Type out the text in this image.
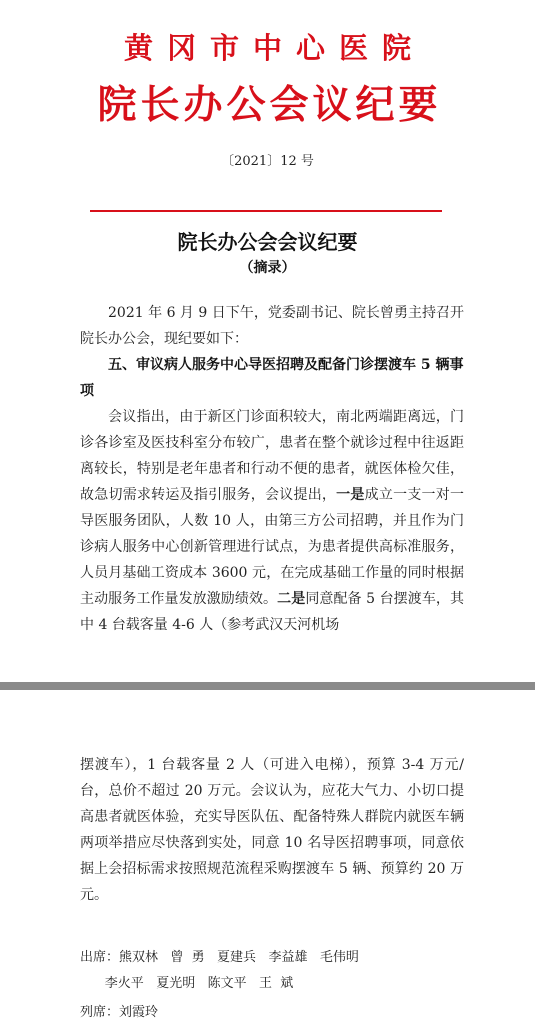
黄冈市中心医院
院长办公会议纪要
〔2021〕12 号
院长办公会会议纪要
（摘录）

2021 年 6 月 9 日下午，党委副书记、院长曾勇主持召开院长办公会，现纪要如下：

五、审议病人服务中心导医招聘及配备门诊摆渡车 5 辆事项

会议指出，由于新区门诊面积较大，南北两端距离远，门诊各诊室及医技科室分布较广，患者在整个就诊过程中往返距离较长，特别是老年患者和行动不便的患者，就医体检欠佳，故急切需求转运及指引服务，会议提出，一是成立一支一对一导医服务团队，人数 10 人，由第三方公司招聘，并且作为门诊病人服务中心创新管理进行试点，为患者提供高标准服务，人员月基础工资成本 3600 元，在完成基础工作量的同时根据主动服务工作量发放激励绩效。二是同意配备 5 台摆渡车，其中 4 台载客量 4-6 人（参考武汉天河机场

摆渡车），1 台载客量 2 人（可进入电梯），预算 3-4 万元/台，总价不超过 20 万元。会议认为，应花大气力、小切口提高患者就医体验，充实导医队伍、配备特殊人群院内就医车辆两项举措应尽快落到实处，同意 10 名导医招聘事项，同意依据上会招标需求按照规范流程采购摆渡车 5 辆、预算约 20 万元。

出席：熊双林   曾  勇   夏建兵   李益雄   毛伟明
李火平   夏光明   陈文平   王  斌
列席：刘霞玲
